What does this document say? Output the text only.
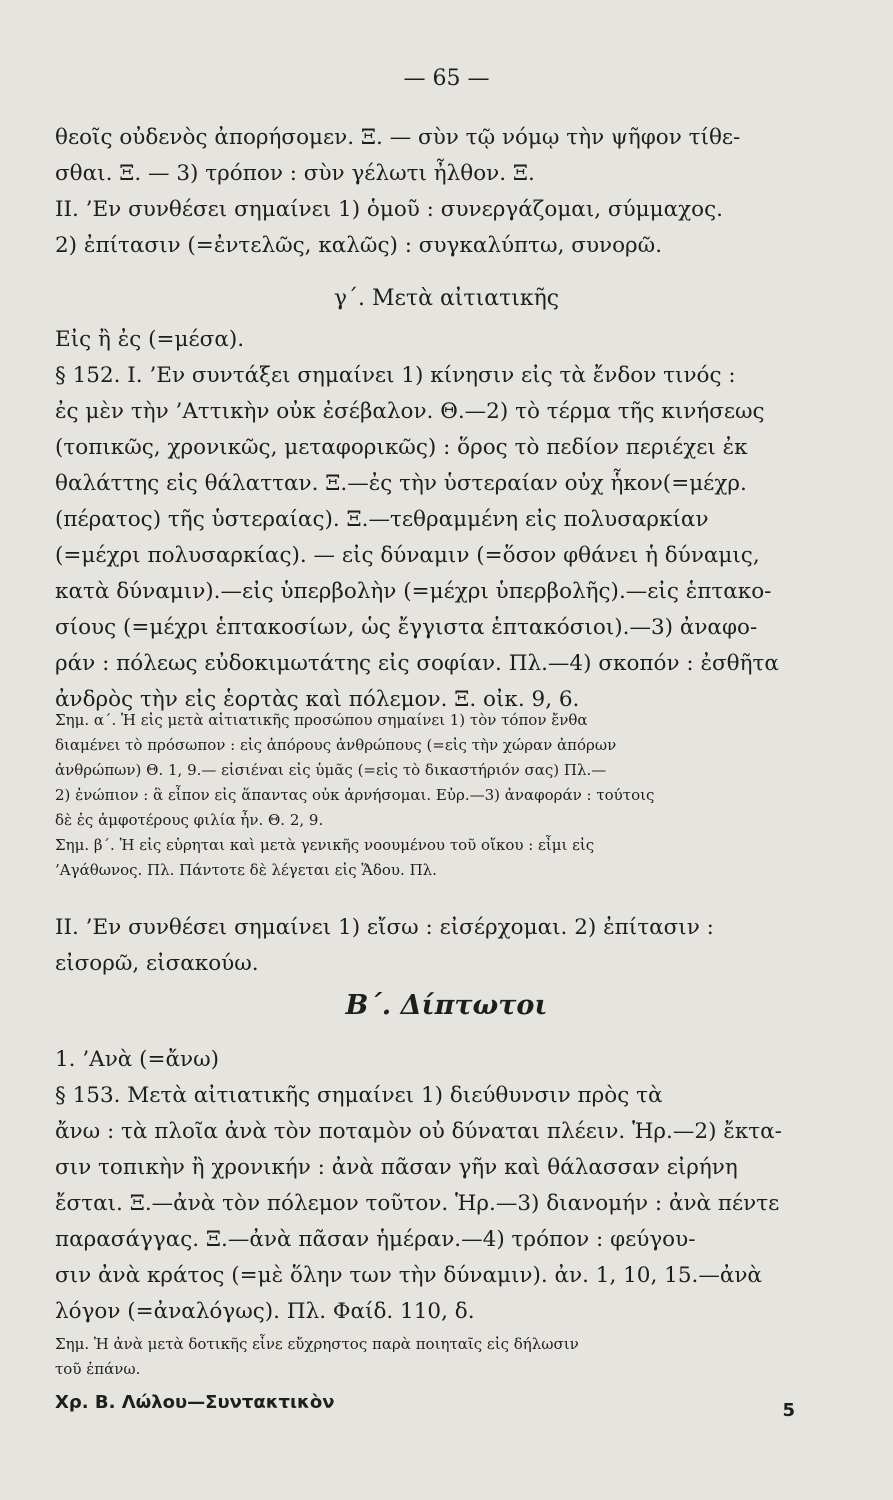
— 65 —
θεοῖς οὐδενὸς ἀπορήσομεν. Ξ. — σὺν τῷ νόμῳ τὴν ψῆφον τίθε-
σθαι. Ξ. — 3) τρόπον : σὺν γέλωτι ἦλθον. Ξ.
II. ’Εν συνθέσει σημαίνει 1) ὁμοῦ : συνεργάζομαι, σύμμαχος.
2) ἐπίτασιν (=ἐντελῶς, καλῶς) : συγκαλύπτω, συνορῶ.
γ΄. Μετὰ αἰτιατικῆς
Εἰς ἢ ἐς (=μέσα).
§ 152. I. ’Εν συντάξει σημαίνει 1) κίνησιν εἰς τὰ ἔνδον τινός :
ἐς μὲν τὴν ’Αττικὴν οὐκ ἐσέβαλον. Θ.—2) τὸ τέρμα τῆς κινήσεως
(τοπικῶς, χρονικῶς, μεταφορικῶς) : ὅρος τὸ πεδίον περιέχει ἐκ
θαλάττης εἰς θάλατταν. Ξ.—ἐς τὴν ὑστεραίαν οὐχ ἧκον(=μέχρ.
(πέρατος) τῆς ὑστεραίας). Ξ.—τεθραμμένη εἰς πολυσαρκίαν
(=μέχρι πολυσαρκίας). — εἰς δύναμιν (=ὅσον φθάνει ἡ δύναμις,
κατὰ δύναμιν).—εἰς ὑπερβολὴν (=μέχρι ὑπερβολῆς).—εἰς ἑπτακο-
σίους (=μέχρι ἑπτακοσίων, ὡς ἔγγιστα ἑπτακόσιοι).—3) ἀναφο-
ράν : πόλεως εὐδοκιμωτάτης εἰς σοφίαν. Πλ.—4) σκοπόν : ἐσθῆτα
ἀνδρὸς τὴν εἰς ἑορτὰς καὶ πόλεμον. Ξ. οἰκ. 9, 6.
Σημ. α΄. Ἡ εἰς μετὰ αἰτιατικῆς προσώπου σημαίνει 1) τὸν τόπον ἔνθα
διαμένει τὸ πρόσωπον : εἰς ἀπόρους ἀνθρώπους (=εἰς τὴν χώραν ἀπόρων
ἀνθρώπων) Θ. 1, 9.— εἰσιέναι εἰς ὑμᾶς (=εἰς τὸ δικαστήριόν σας) Πλ.—
2) ἐνώπιον : ἃ εἶπον εἰς ἅπαντας οὐκ ἀρνήσομαι. Εὐρ.—3) ἀναφοράν : τούτοις
δὲ ἐς ἀμφοτέρους φιλία ἦν. Θ. 2, 9.
Σημ. β΄. Ἡ εἰς εὑρηται καὶ μετὰ γενικῆς νοουμένου τοῦ οἴκου : εἶμι εἰς
’Αγάθωνος. Πλ. Πάντοτε δὲ λέγεται εἰς Ἅδου. Πλ.
II. ’Εν συνθέσει σημαίνει 1) εἴσω : εἰσέρχομαι. 2) ἐπίτασιν :
εἰσορῶ, εἰσακούω.
Β΄. Δίπτωτοι
1. ’Ανὰ (=ἄνω)
§ 153. Μετὰ αἰτιατικῆς σημαίνει 1) διεύθυνσιν πρὸς τὰ
ἄνω : τὰ πλοῖα ἀνὰ τὸν ποταμὸν οὐ δύναται πλέειν. Ἡρ.—2) ἔκτα-
σιν τοπικὴν ἢ χρονικήν : ἀνὰ πᾶσαν γῆν καὶ θάλασσαν εἰρήνη
ἔσται. Ξ.—ἀνὰ τὸν πόλεμον τοῦτον. Ἡρ.—3) διανομήν : ἀνὰ πέντε
παρασάγγας. Ξ.—ἀνὰ πᾶσαν ἡμέραν.—4) τρόπον : φεύγου-
σιν ἀνὰ κράτος (=μὲ ὅλην των τὴν δύναμιν). ἀν. 1, 10, 15.—ἀνὰ
λόγον (=ἀναλόγως). Πλ. Φαίδ. 110, δ.
Σημ. Ἡ ἀνὰ μετὰ δοτικῆς εἶνε εὔχρηστος παρὰ ποιηταῖς εἰς δήλωσιν
τοῦ ἐπάνω.
Χρ. Β. Λώλου—Συντακτικὸν	5
